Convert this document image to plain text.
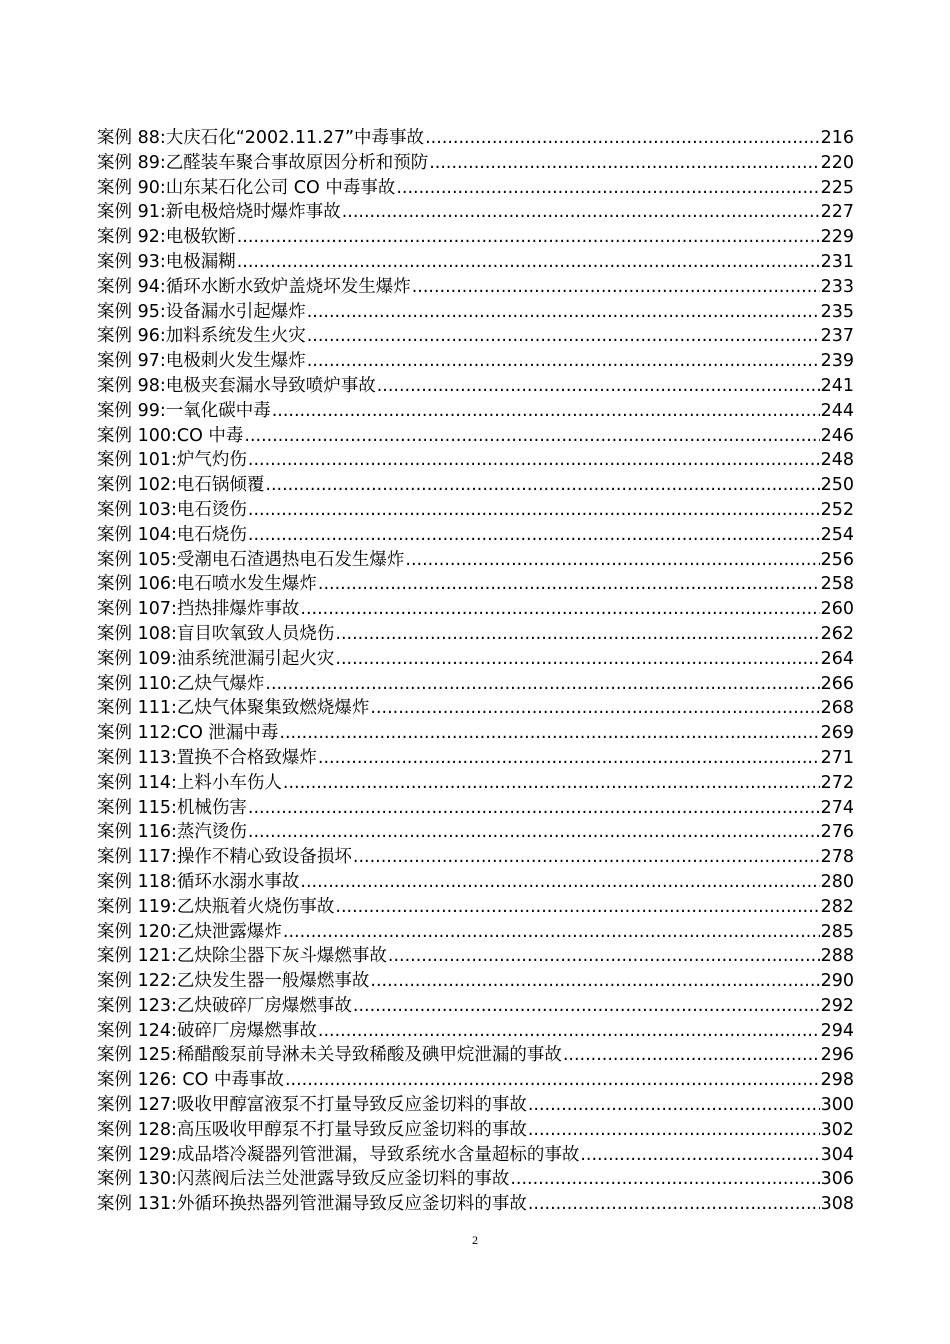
案例 88:大庆石化“2002.11.27”中毒事故 .....	216
案例 89:乙醛装车聚合事故原因分析和预防 .....	220
案例 90:山东某石化公司 CO 中毒事故 .....	225
案例 91:新电极焙烧时爆炸事故 .....	227
案例 92:电极软断 .....	229
案例 93:电极漏糊 .....	231
案例 94:循环水断水致炉盖烧坏发生爆炸 .....	233
案例 95:设备漏水引起爆炸 .....	235
案例 96:加料系统发生火灾 .....	237
案例 97:电极刺火发生爆炸 .....	239
案例 98:电极夹套漏水导致喷炉事故 .....	241
案例 99:一氧化碳中毒 .....	244
案例 100:CO 中毒 .....	246
案例 101:炉气灼伤 .....	248
案例 102:电石锅倾覆 .....	250
案例 103:电石烫伤 .....	252
案例 104:电石烧伤 .....	254
案例 105:受潮电石渣遇热电石发生爆炸 .....	256
案例 106:电石喷水发生爆炸 .....	258
案例 107:挡热排爆炸事故 .....	260
案例 108:盲目吹氧致人员烧伤 .....	262
案例 109:油系统泄漏引起火灾 .....	264
案例 110:乙炔气爆炸 .....	266
案例 111:乙炔气体聚集致燃烧爆炸 .....	268
案例 112:CO 泄漏中毒 .....	269
案例 113:置换不合格致爆炸 .....	271
案例 114:上料小车伤人 .....	272
案例 115:机械伤害 .....	274
案例 116:蒸汽烫伤 .....	276
案例 117:操作不精心致设备损坏 .....	278
案例 118:循环水溺水事故 .....	280
案例 119:乙炔瓶着火烧伤事故 .....	282
案例 120:乙炔泄露爆炸 .....	285
案例 121:乙炔除尘器下灰斗爆燃事故 .....	288
案例 122:乙炔发生器一般爆燃事故 .....	290
案例 123:乙炔破碎厂房爆燃事故 .....	292
案例 124:破碎厂房爆燃事故 .....	294
案例 125:稀醋酸泵前导淋未关导致稀酸及碘甲烷泄漏的事故 .....	296
案例 126: CO 中毒事故 .....	298
案例 127:吸收甲醇富液泵不打量导致反应釜切料的事故 .....	300
案例 128:高压吸收甲醇泵不打量导致反应釜切料的事故 .....	302
案例 129:成品塔冷凝器列管泄漏，导致系统水含量超标的事故 .....	304
案例 130:闪蒸阀后法兰处泄露导致反应釜切料的事故 .....	306
案例 131:外循环换热器列管泄漏导致反应釜切料的事故 .....	308
2
